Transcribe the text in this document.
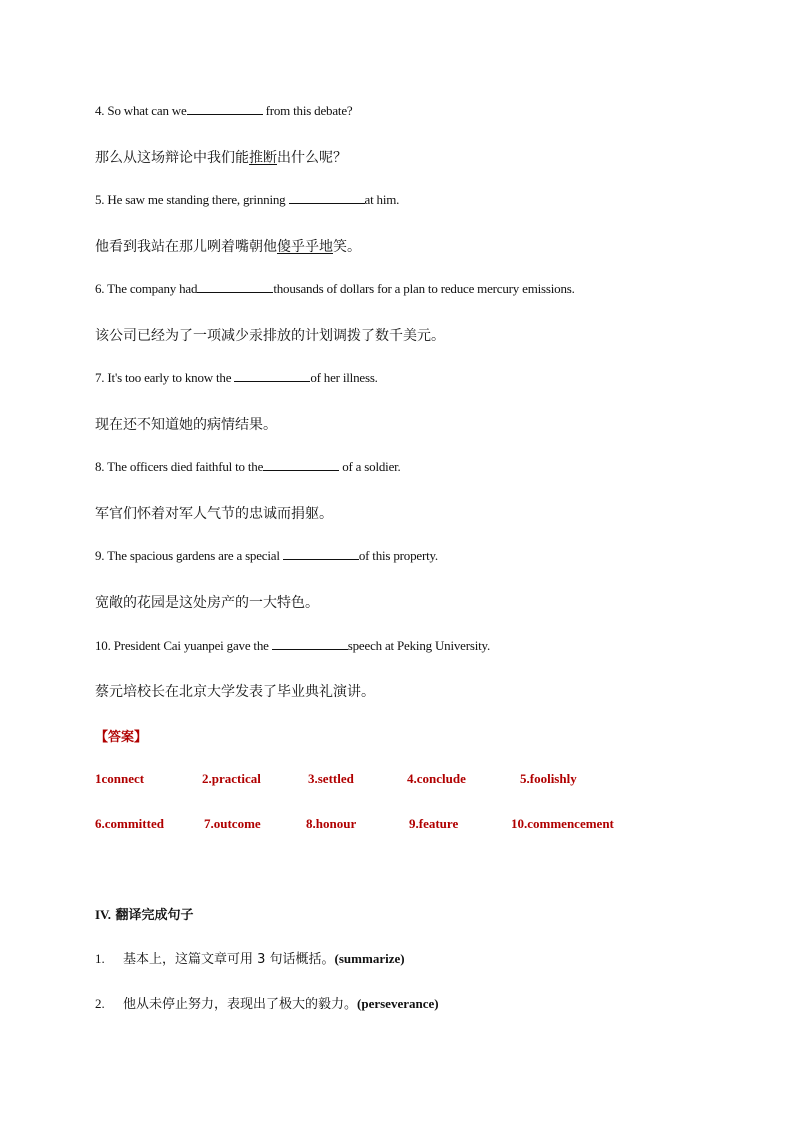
4. So what can we	from this debate?
那么从这场辩论中我们能推断出什么呢？
5. He saw me standing there, grinning	at him.
他看到我站在那儿咧着嘴朝他傻乎乎地笑。
6. The company had	thousands of dollars for a plan to reduce mercury emissions.
该公司已经为了一项减少汞排放的计划调拨了数千美元。
7. It's too early to know the	of her illness.
现在还不知道她的病情结果。
8. The officers died faithful to the	of a soldier.
军官们怀着对军人气节的忠诚而捐躯。
9. The spacious gardens are a special	of this property.
宽敞的花园是这处房产的一大特色。
10. President Cai yuanpei gave the	speech at Peking University.
蔡元培校长在北京大学发表了毕业典礼演讲。
【答案】
1connect	2.practical	3.settled	4.conclude	5.foolishly
6.committed	7.outcome	8.honour	9.feature	10.commencement
IV. 翻译完成句子
1. 基本上，这篇文章可用 3 句话概括。(summarize)
2. 他从未停止努力，表现出了极大的毅力。(perseverance)
